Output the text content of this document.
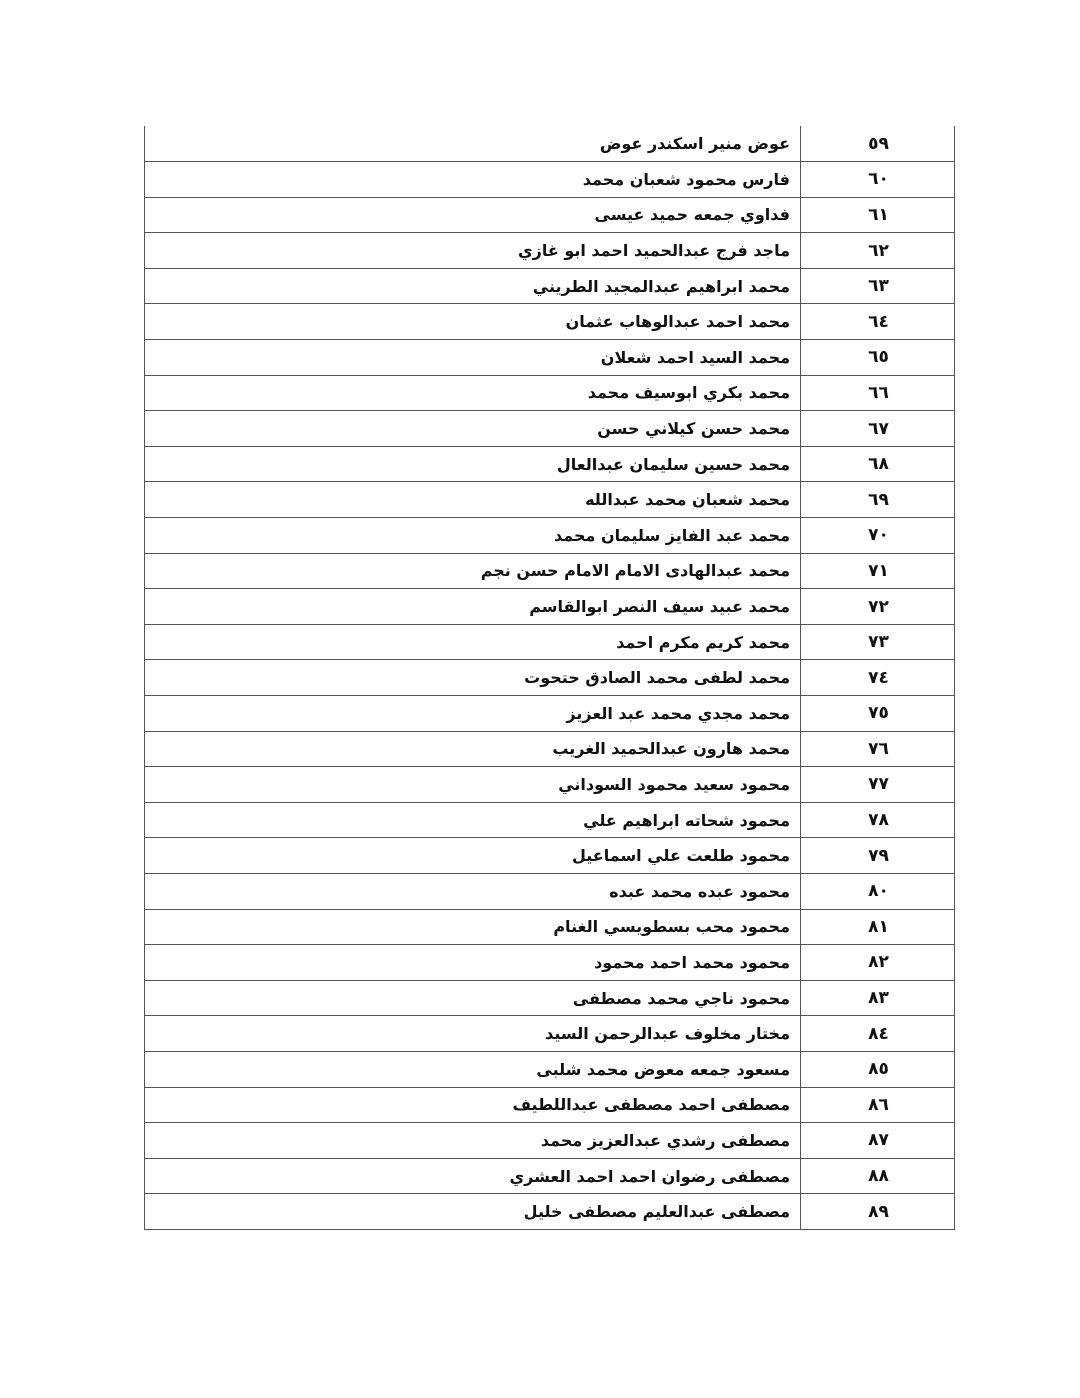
٥٩	عوض منير اسكندر عوض
٦٠	فارس محمود شعبان محمد
٦١	فداوي جمعه حميد عيسى
٦٢	ماجد فرج عبدالحميد احمد ابو غازي
٦٣	محمد ابراهيم عبدالمجيد الطريني
٦٤	محمد احمد عبدالوهاب عثمان
٦٥	محمد السيد احمد شعلان
٦٦	محمد بكري ابوسيف محمد
٦٧	محمد حسن كيلاني حسن
٦٨	محمد حسين سليمان عبدالعال
٦٩	محمد شعبان محمد عبدالله
٧٠	محمد عبد الفايز سليمان محمد
٧١	محمد عبدالهادى الامام الامام حسن نجم
٧٢	محمد عبيد سيف النصر ابوالقاسم
٧٣	محمد كريم مكرم احمد
٧٤	محمد لطفى محمد الصادق حتحوت
٧٥	محمد مجدي محمد عبد العزيز
٧٦	محمد هارون عبدالحميد الغريب
٧٧	محمود سعيد محمود السوداني
٧٨	محمود شحاته ابراهيم علي
٧٩	محمود طلعت علي اسماعيل
٨٠	محمود عبده محمد عبده
٨١	محمود محب بسطويسي الغنام
٨٢	محمود محمد احمد محمود
٨٣	محمود ناجي محمد مصطفى
٨٤	مختار مخلوف عبدالرحمن السيد
٨٥	مسعود جمعه معوض محمد شلبى
٨٦	مصطفى احمد مصطفى عبداللطيف
٨٧	مصطفى رشدي عبدالعزيز محمد
٨٨	مصطفى رضوان احمد احمد العشري
٨٩	مصطفى عبدالعليم مصطفى خليل
